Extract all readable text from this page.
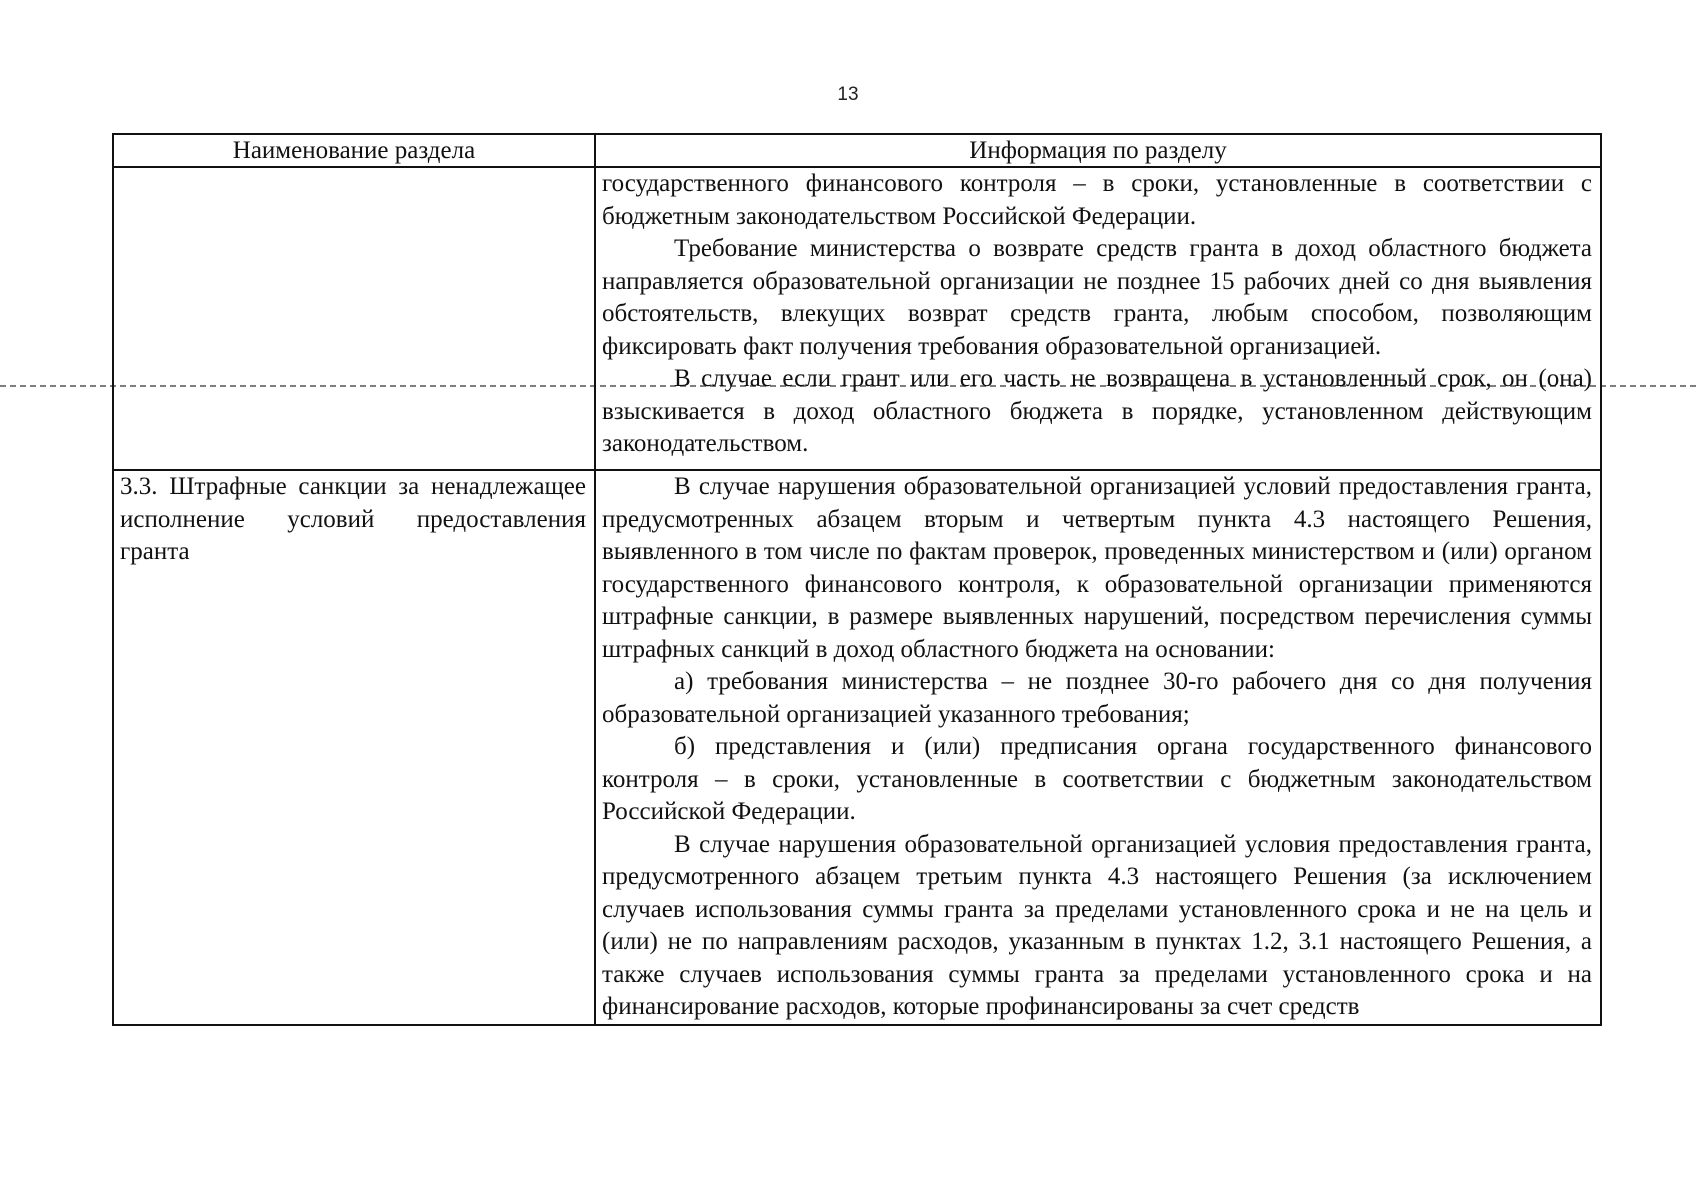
13
Наименование раздела	Информация по разделу

	государственного финансового контроля – в сроки, установленные в соответствии с бюджетным законодательством Российской Федерации.

Требование министерства о возврате средств гранта в доход областного бюджета направляется образовательной организации не позднее 15 рабочих дней со дня выявления обстоятельств, влекущих возврат средств гранта, любым способом, позволяющим фиксировать факт получения требования образовательной организацией.

В случае если грант или его часть не возвращена в установленный срок, он (она) взыскивается в доход областного бюджета в порядке, установленном действующим законодательством.

3.3. Штрафные санкции за ненадлежащее исполнение условий предоставления гранта	В случае нарушения образовательной организацией условий предоставления гранта, предусмотренных абзацем вторым и четвертым пункта 4.3 настоящего Решения, выявленного в том числе по фактам проверок, проведенных министерством и (или) органом государственного финансового контроля, к образовательной организации применяются штрафные санкции, в размере выявленных нарушений, посредством перечисления суммы штрафных санкций в доход областного бюджета на основании:

а) требования министерства – не позднее 30-го рабочего дня со дня получения образовательной организацией указанного требования;

б) представления и (или) предписания органа государственного финансового контроля – в сроки, установленные в соответствии с бюджетным законодательством Российской Федерации.

В случае нарушения образовательной организацией условия предоставления гранта, предусмотренного абзацем третьим пункта 4.3 настоящего Решения (за исключением случаев использования суммы гранта за пределами установленного срока и не на цель и (или) не по направлениям расходов, указанным в пунктах 1.2, 3.1 настоящего Решения, а также случаев использования суммы гранта за пределами установленного срока и на финансирование расходов, которые профинансированы за счет средств
